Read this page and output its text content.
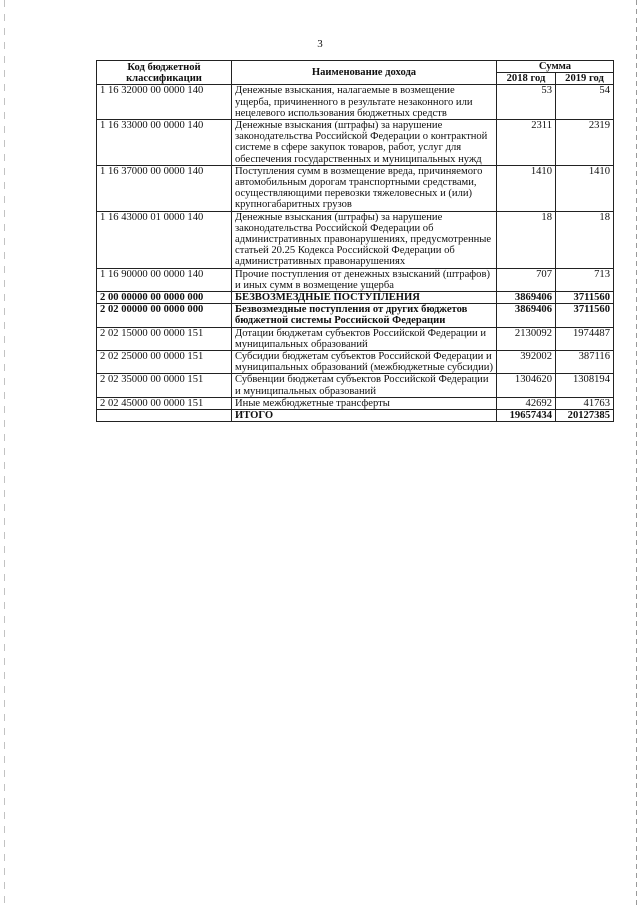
3
Код бюджетной классификации	Наименование дохода	Сумма	
		2018 год	2019 год
1 16 32000 00 0000 140	Денежные взыскания, налагаемые в возмещение ущерба, причиненного в результате незаконного или нецелевого использования бюджетных средств	53	54
1 16 33000 00 0000 140	Денежные взыскания (штрафы) за нарушение законодательства Российской Федерации о контрактной системе в сфере закупок товаров, работ, услуг для обеспечения государственных и муниципальных нужд	2311	2319
1 16 37000 00 0000 140	Поступления сумм в возмещение вреда, причиняемого автомобильным дорогам транспортными средствами, осуществляющими перевозки тяжеловесных и (или) крупногабаритных грузов	1410	1410
1 16 43000 01 0000 140	Денежные взыскания (штрафы) за нарушение законодательства Российской Федерации об административных правонарушениях, предусмотренные статьей 20.25 Кодекса Российской Федерации об административных правонарушениях	18	18
1 16 90000 00 0000 140	Прочие поступления от денежных взысканий (штрафов) и иных сумм в возмещение ущерба	707	713
2 00 00000 00 0000 000	БЕЗВОЗМЕЗДНЫЕ ПОСТУПЛЕНИЯ	3869406	3711560
2 02 00000 00 0000 000	Безвозмездные поступления от других бюджетов бюджетной системы Российской Федерации	3869406	3711560
2 02 15000 00 0000 151	Дотации бюджетам субъектов Российской Федерации и муниципальных образований	2130092	1974487
2 02 25000 00 0000 151	Субсидии бюджетам субъектов Российской Федерации и муниципальных образований (межбюджетные субсидии)	392002	387116
2 02 35000 00 0000 151	Субвенции бюджетам субъектов Российской Федерации и муниципальных образований	1304620	1308194
2 02 45000 00 0000 151	Иные межбюджетные трансферты	42692	41763
	ИТОГО	19657434	20127385
